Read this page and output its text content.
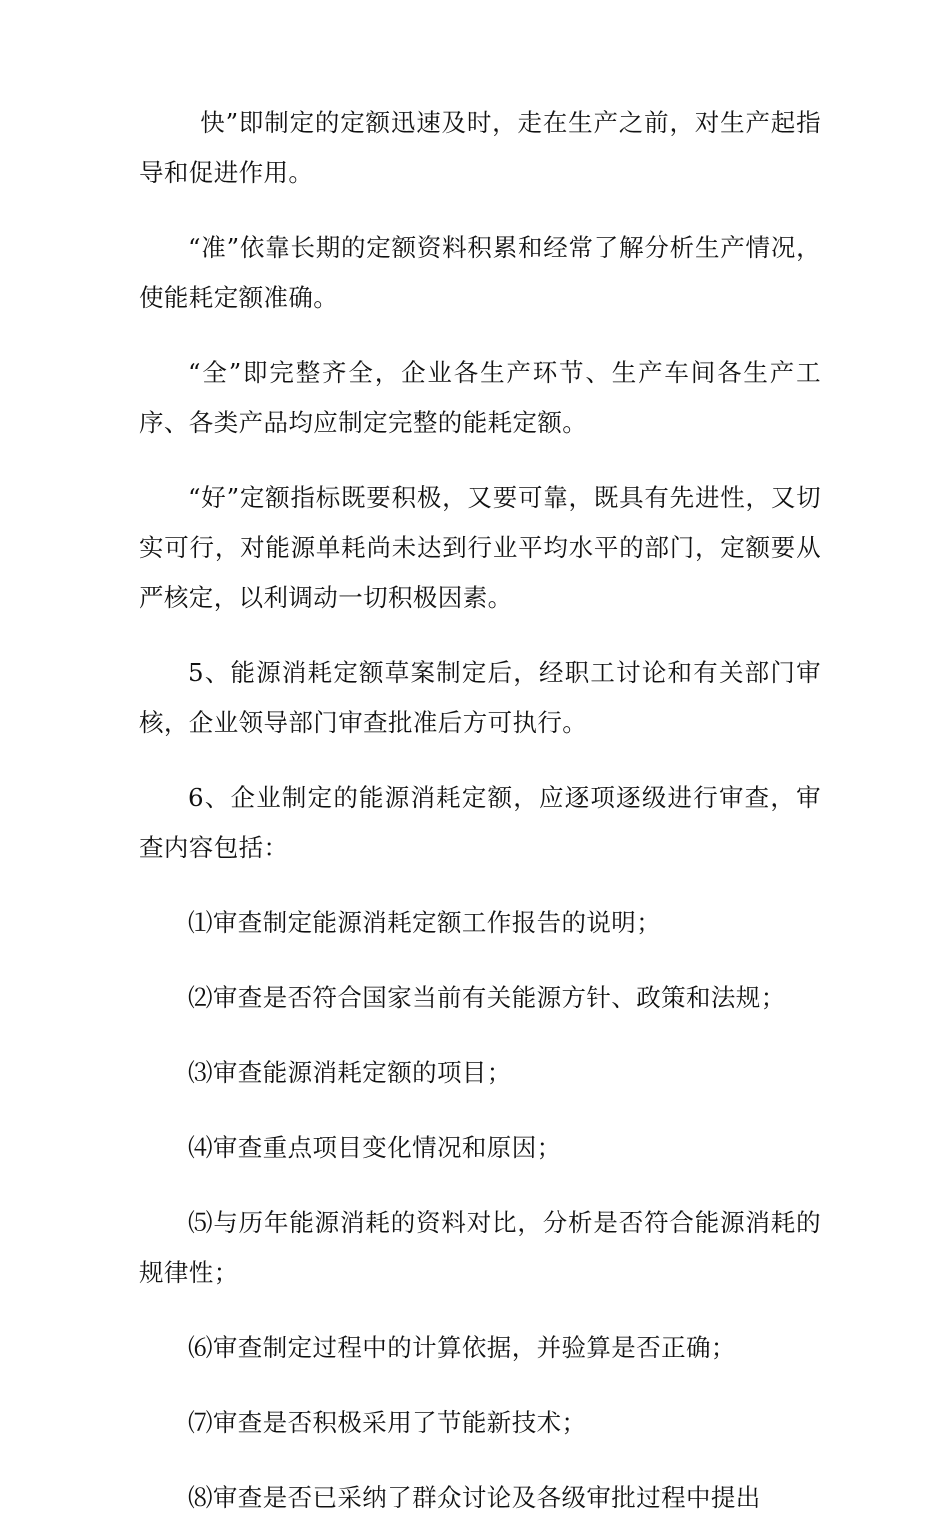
快”即制定的定额迅速及时，走在生产之前，对生产起指导和促进作用。

“准”依靠长期的定额资料积累和经常了解分析生产情况，使能耗定额准确。

“全”即完整齐全，企业各生产环节、生产车间各生产工序、各类产品均应制定完整的能耗定额。

“好”定额指标既要积极，又要可靠，既具有先进性，又切实可行，对能源单耗尚未达到行业平均水平的部门，定额要从严核定，以利调动一切积极因素。

5、能源消耗定额草案制定后，经职工讨论和有关部门审核，企业领导部门审查批准后方可执行。

6、企业制定的能源消耗定额，应逐项逐级进行审查，审查内容包括：

⑴审查制定能源消耗定额工作报告的说明；

⑵审查是否符合国家当前有关能源方针、政策和法规；

⑶审查能源消耗定额的项目；

⑷审查重点项目变化情况和原因；

⑸与历年能源消耗的资料对比，分析是否符合能源消耗的规律性；

⑹审查制定过程中的计算依据，并验算是否正确；

⑺审查是否积极采用了节能新技术；

⑻审查是否已采纳了群众讨论及各级审批过程中提出
